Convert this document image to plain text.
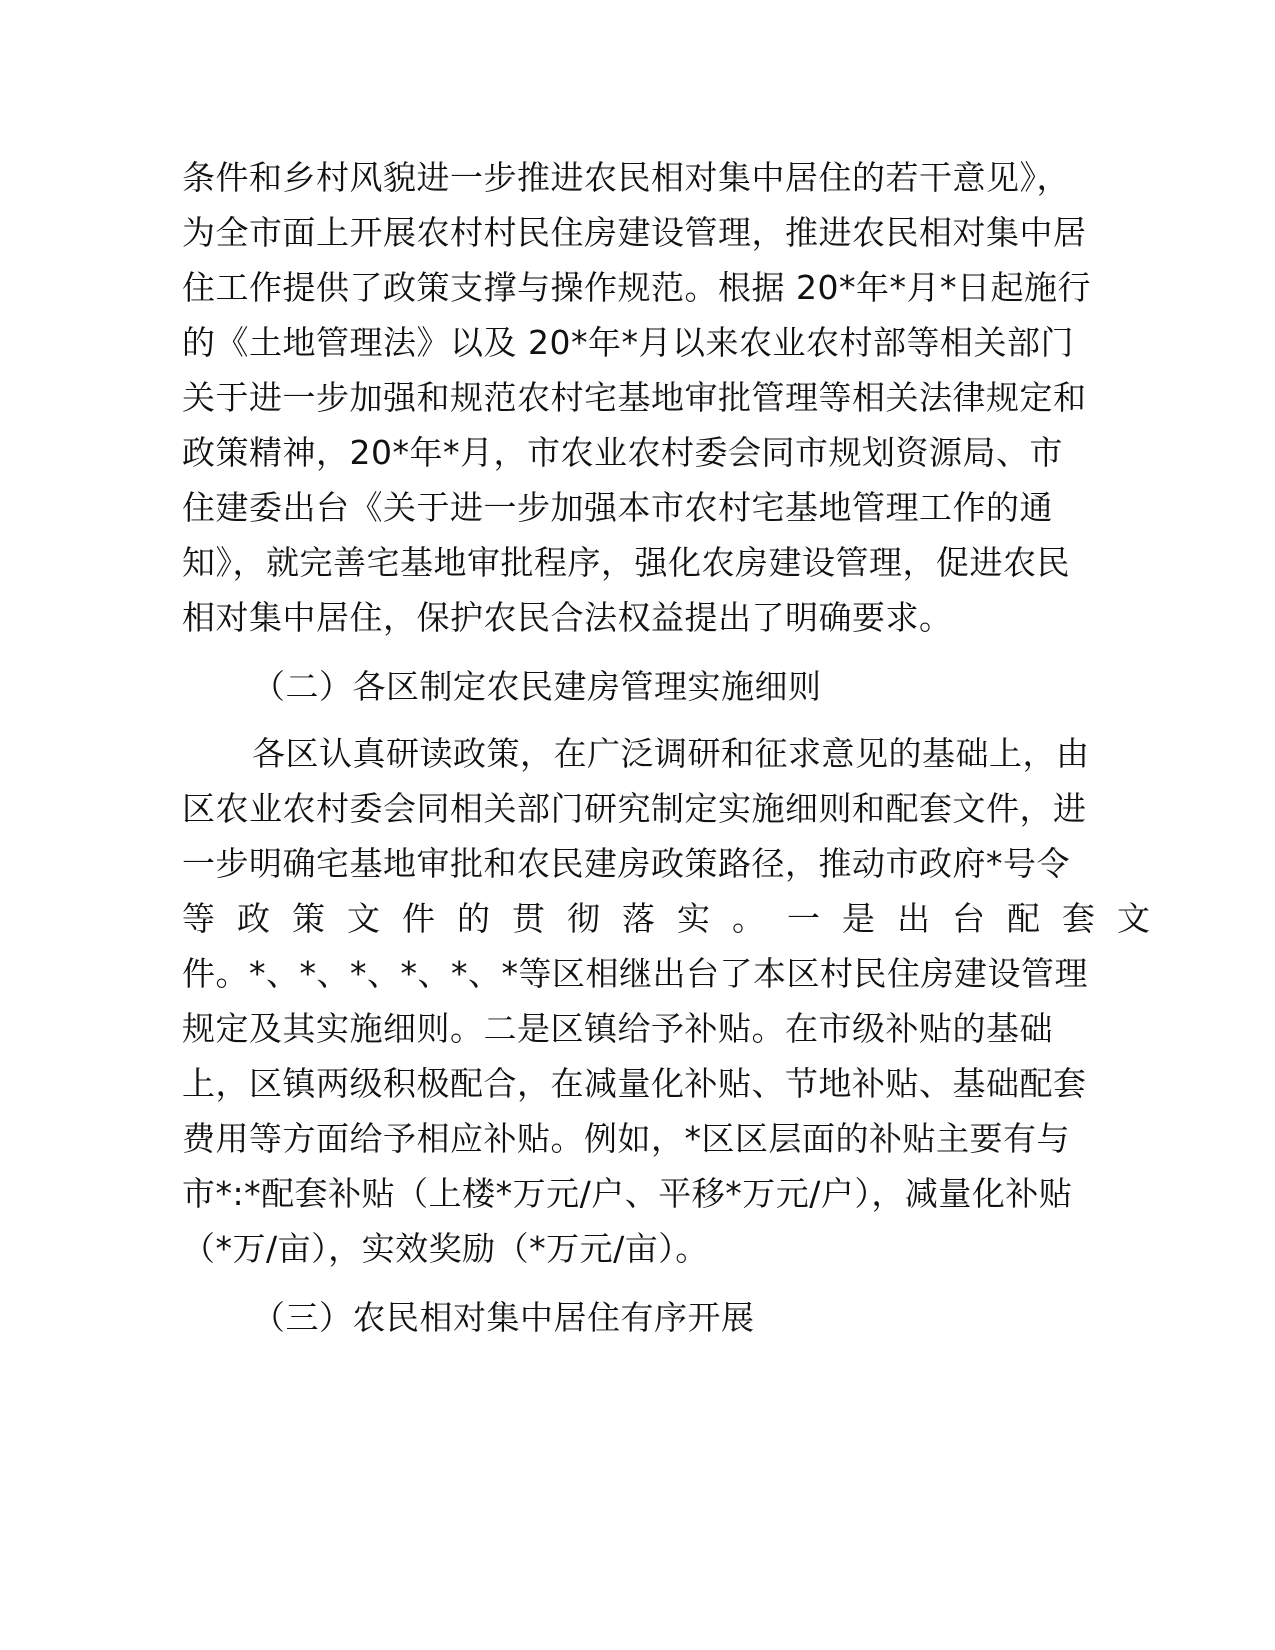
条件和乡村风貌进一步推进农民相对集中居住的若干意见》，
为全市面上开展农村村民住房建设管理，推进农民相对集中居
住工作提供了政策支撑与操作规范。根据 20*年*月*日起施行
的《土地管理法》以及 20*年*月以来农业农村部等相关部门
关于进一步加强和规范农村宅基地审批管理等相关法律规定和
政策精神，20*年*月，市农业农村委会同市规划资源局、市
住建委出台《关于进一步加强本市农村宅基地管理工作的通
知》，就完善宅基地审批程序，强化农房建设管理，促进农民
相对集中居住，保护农民合法权益提出了明确要求。
（二）各区制定农民建房管理实施细则
各区认真研读政策，在广泛调研和征求意见的基础上，由
区农业农村委会同相关部门研究制定实施细则和配套文件，进
一步明确宅基地审批和农民建房政策路径，推动市政府*号令
等政策文件的贯彻落实。一是出台配套文
件。*、*、*、*、*、*等区相继出台了本区村民住房建设管理
规定及其实施细则。二是区镇给予补贴。在市级补贴的基础
上，区镇两级积极配合，在减量化补贴、节地补贴、基础配套
费用等方面给予相应补贴。例如，*区区层面的补贴主要有与
市*:*配套补贴（上楼*万元/户、平移*万元/户），减量化补贴
（*万/亩），实效奖励（*万元/亩）。
（三）农民相对集中居住有序开展
